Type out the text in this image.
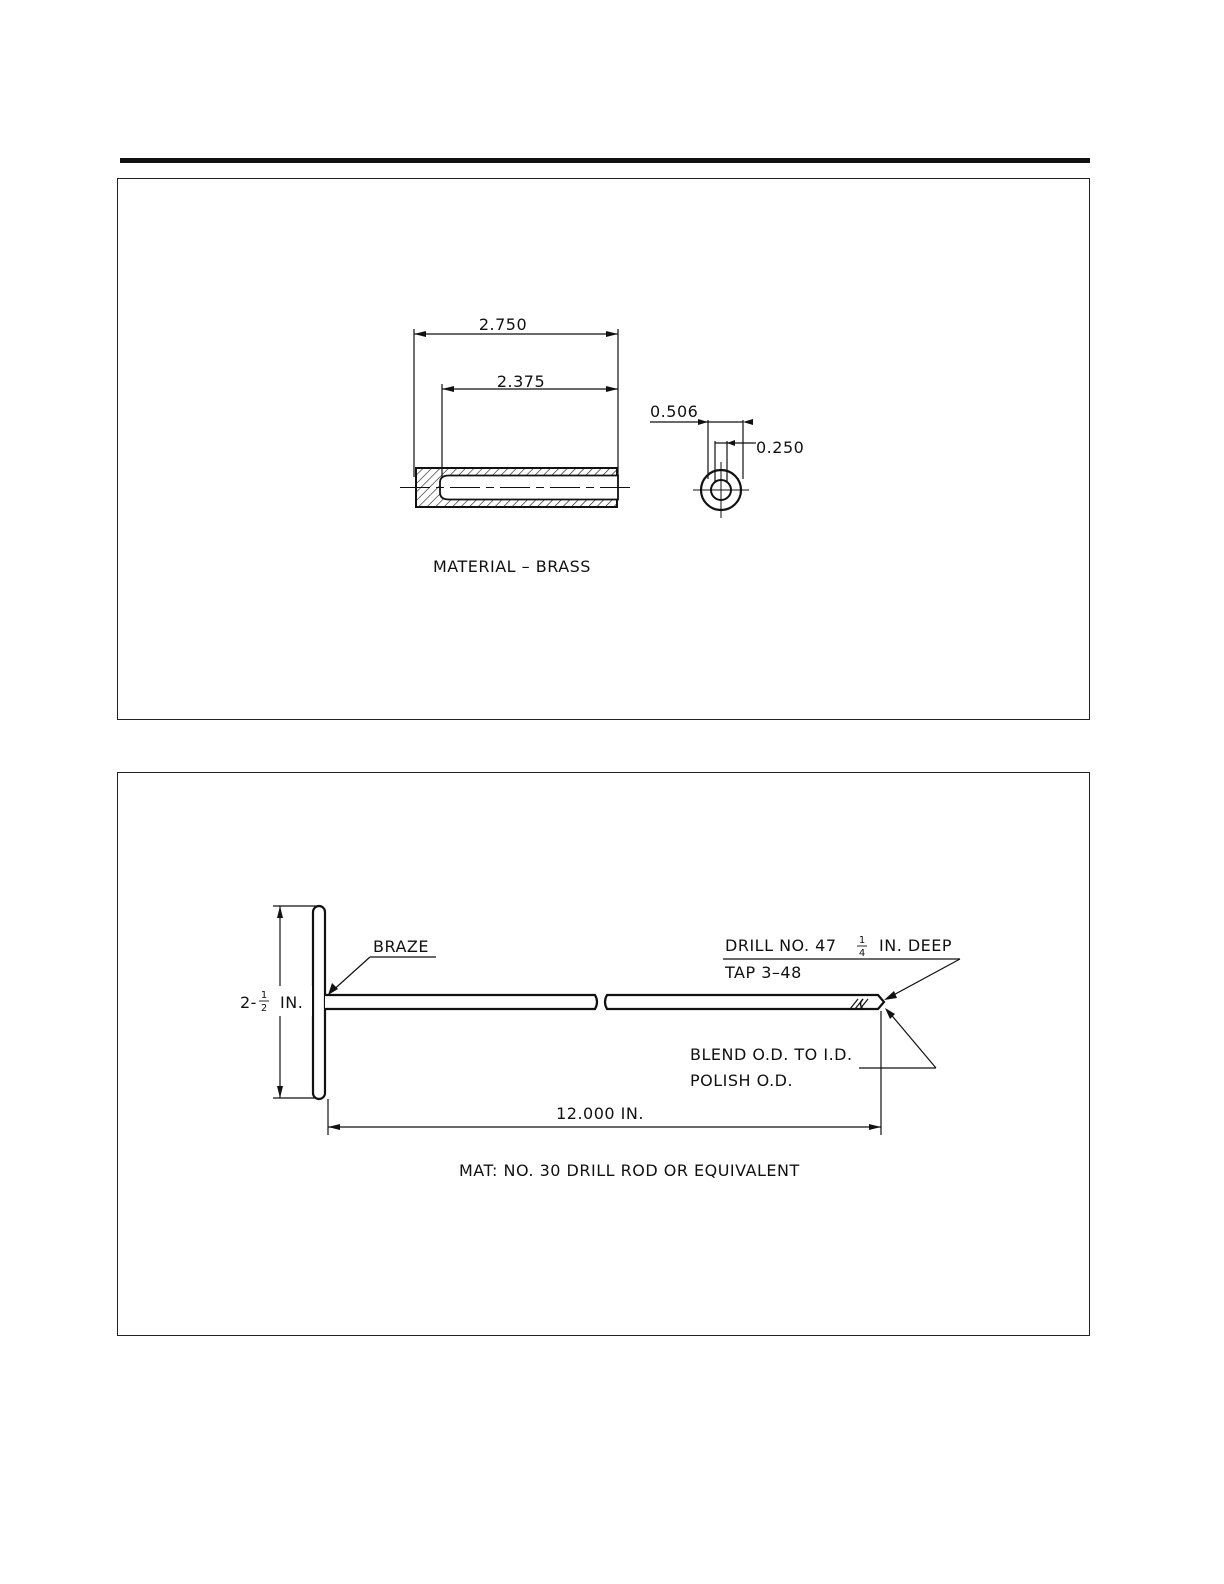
2.750
2.375
0.506
0.250
MATERIAL – BRASS
2- 1
2 IN.
BRAZE	DRILL NO. 47 1
4 IN. DEEP
TAP 3–48
BLEND O.D. TO I.D.
POLISH O.D.
12.000 IN.
MAT: NO. 30 DRILL ROD OR EQUIVALENT
